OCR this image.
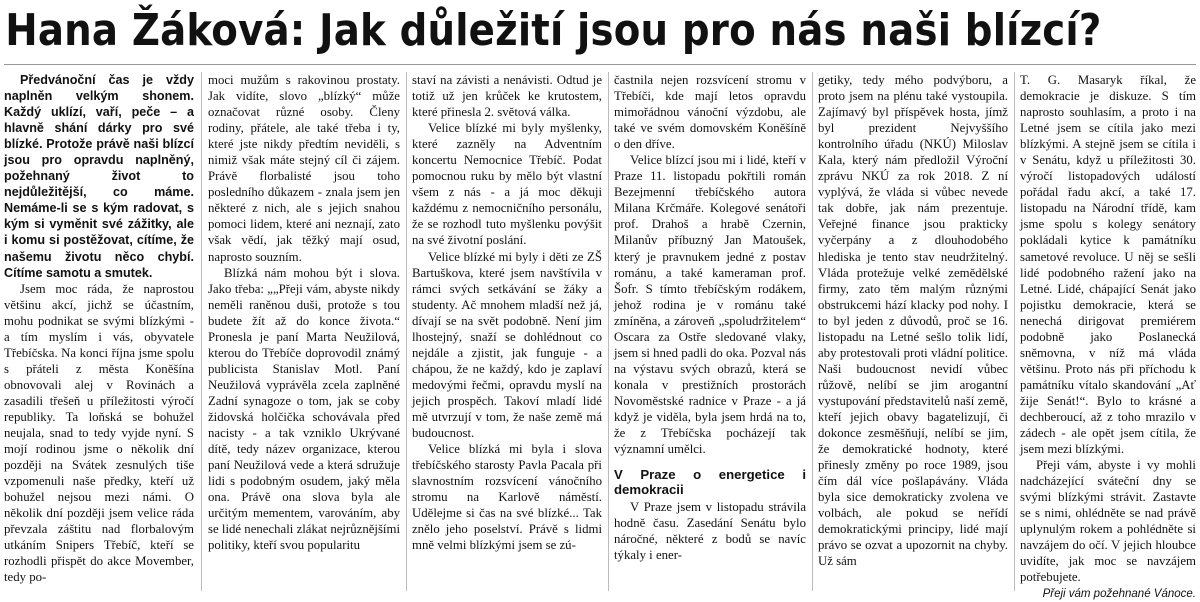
Hana Žáková: Jak důležití jsou pro nás naši blízcí?

Předvánoční čas je vždy naplněn velkým shonem. Každý uklízí, vaří, peče – a hlavně shání dárky pro své blízké. Protože právě naši blízcí jsou pro opravdu naplněný, požehnaný život to nejdůležitější, co máme. Nemáme-li se s kým radovat, s kým si vyměnit své zážitky, ale i komu si postěžovat, cítíme, že našemu životu něco chybí. Cítíme samotu a smutek.

Jsem moc ráda, že naprostou většinu akcí, jichž se účastním, mohu podnikat se svými blízkými - a tím myslím i vás, obyvatele Třebíčska. Na konci října jsme spolu s přáteli z města Koněšína obnovovali alej v Rovinách a zasadili třešeň u příležitosti výročí republiky. Ta loňská se bohužel neujala, snad to tedy vyjde nyní. S mojí rodinou jsme o několik dní později na Svátek zesnulých tiše vzpomenuli naše předky, kteří už bohužel nejsou mezi námi. O několik dní později jsem velice ráda převzala záštitu nad florbalovým utkáním Snipers Třebíč, kteří se rozhodli přispět do akce Movember, tedy po-

moci mužům s rakovinou prostaty. Jak vidíte, slovo „blízký“ může označovat různé osoby. Členy rodiny, přátele, ale také třeba i ty, které jste nikdy předtím neviděli, s nimiž však máte stejný cíl či zájem. Právě florbalisté jsou toho posledního důkazem - znala jsem jen některé z nich, ale s jejich snahou pomoci lidem, které ani neznají, zato však vědí, jak těžký mají osud, naprosto souzním.

Blízká nám mohou být i slova. Jako třeba: „„Přeji vám, abyste nikdy neměli raněnou duši, protože s tou budete žít až do konce života.“ Pronesla je paní Marta Neužilová, kterou do Třebíče doprovodil známý publicista Stanislav Motl. Paní Neužilová vyprávěla zcela zaplněné Zadní synagoze o tom, jak se coby židovská holčička schovávala před nacisty - a tak vzniklo Ukrývané dítě, tedy název organizace, kterou paní Neužilová vede a která sdružuje lidi s podobným osudem, jaký měla ona. Právě ona slova byla ale určitým mementem, varováním, aby se lidé nenechali zlákat nejrůznějšími politiky, kteří svou popularitu

staví na závisti a nenávisti. Odtud je totiž už jen krůček ke krutostem, které přinesla 2. světová válka.

Velice blízké mi byly myšlenky, které zazněly na Adventním koncertu Nemocnice Třebíč. Podat pomocnou ruku by mělo být vlastní všem z nás - a já moc děkuji každému z nemocničního personálu, že se rozhodl tuto myšlenku povýšit na své životní poslání.

Velice blízké mi byly i děti ze ZŠ Bartuškova, které jsem navštívila v rámci svých setkávání se žáky a studenty. Ač mnohem mladší než já, dívají se na svět podobně. Není jim lhostejný, snaží se dohlédnout co nejdále a zjistit, jak funguje - a chápou, že ne každý, kdo je zaplaví medovými řečmi, opravdu myslí na jejich prospěch. Takoví mladí lidé mě utvrzují v tom, že naše země má budoucnost.

Velice blízká mi byla i slova třebíčského starosty Pavla Pacala při slavnostním rozsvícení vánočního stromu na Karlově náměstí. Udělejme si čas na své blízké... Tak znělo jeho poselství. Právě s lidmi mně velmi blízkými jsem se zú-

častnila nejen rozsvícení stromu v Třebíči, kde mají letos opravdu mimořádnou vánoční výzdobu, ale také ve svém domovském Koněšíně o den dříve.

Velice blízcí jsou mi i lidé, kteří v Praze 11. listopadu pokřtili román Bezejmenní třebíčského autora Milana Krčmáře. Kolegové senátoři prof. Drahoš a hrabě Czernin, Milanův příbuzný Jan Matoušek, který je pravnukem jedné z postav románu, a také kameraman prof. Šofr. S tímto třebíčským rodákem, jehož rodina je v románu také zmíněna, a zároveň „spoludržitelem“ Oscara za Ostře sledované vlaky, jsem si hned padli do oka. Pozval nás na výstavu svých obrazů, která se konala v prestižních prostorách Novoměstské radnice v Praze - a já když je viděla, byla jsem hrdá na to, že z Třebíčska pocházejí tak významní umělci.

V Praze o energetice i demokracii

V Praze jsem v listopadu strávila hodně času. Zasedání Senátu bylo náročné, některé z bodů se navíc týkaly i ener-

getiky, tedy mého podvýboru, a proto jsem na plénu také vystoupila. Zajímavý byl příspěvek hosta, jímž byl prezident Nejvyššího kontrolního úřadu (NKÚ) Miloslav Kala, který nám předložil Výroční zprávu NKÚ za rok 2018. Z ní vyplývá, že vláda si vůbec nevede tak dobře, jak nám prezentuje. Veřejné finance jsou prakticky vyčerpány a z dlouhodobého hlediska je tento stav neudržitelný. Vláda protežuje velké zemědělské firmy, zato těm malým různými obstrukcemi hází klacky pod nohy. I to byl jeden z důvodů, proč se 16. listopadu na Letné sešlo tolik lidí, aby protestovali proti vládní politice. Naši budoucnost nevidí vůbec růžově, nelíbí se jim arogantní vystupování představitelů naší země, kteří jejich obavy bagatelizují, či dokonce zesměšňují, nelíbí se jim, že demokratické hodnoty, které přinesly změny po roce 1989, jsou čím dál více pošlapávány. Vláda byla sice demokraticky zvolena ve volbách, ale pokud se neřídí demokratickými principy, lidé mají právo se ozvat a upozornit na chyby. Už sám

T. G. Masaryk říkal, že demokracie je diskuze. S tím naprosto souhlasím, a proto i na Letné jsem se cítila jako mezi blízkými. A stejně jsem se cítila i v Senátu, když u příležitosti 30. výročí listopadových událostí pořádal řadu akcí, a také 17. listopadu na Národní třídě, kam jsme spolu s kolegy senátory pokládali kytice k památníku sametové revoluce. U něj se sešli lidé podobného ražení jako na Letné. Lidé, chápající Senát jako pojistku demokracie, která se nenechá dirigovat premiérem podobně jako Poslanecká sněmovna, v níž má vláda většinu. Proto nás při příchodu k památníku vítalo skandování „Ať žije Senát!“. Bylo to krásné a dechberoucí, až z toho mrazilo v zádech - ale opět jsem cítila, že jsem mezi blízkými.

Přeji vám, abyste i vy mohli nadcházející sváteční dny se svými blízkými strávit. Zastavte se s nimi, ohlédněte se nad právě uplynulým rokem a pohlédněte si navzájem do očí. V jejich hloubce uvidíte, jak moc se navzájem potřebujete.

Přeji vám požehnané Vánoce.
